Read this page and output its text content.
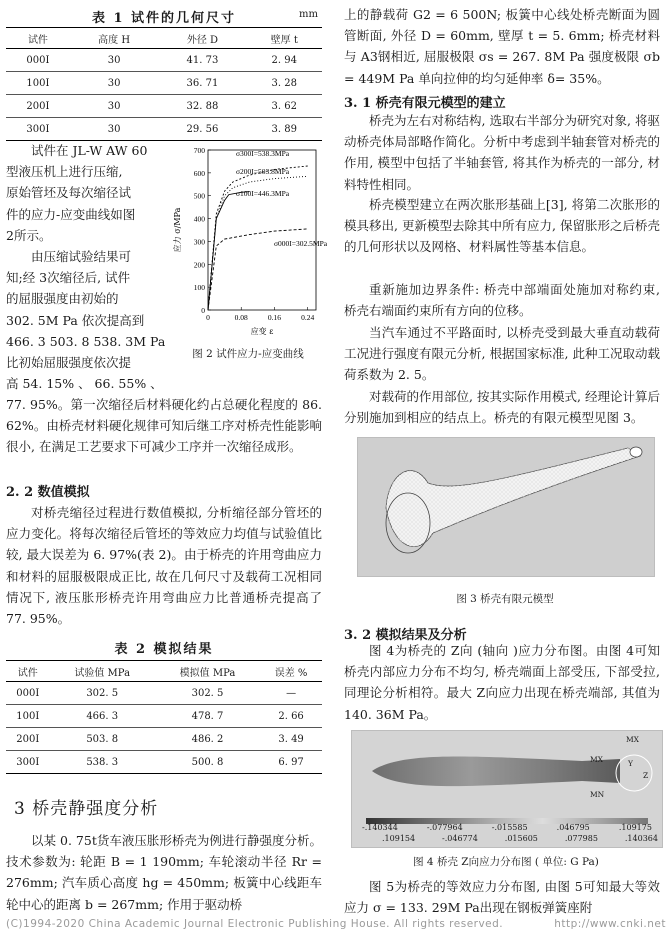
表 1 试件的几何尺寸	mm
试件	高度 H	外径 D	壁厚 t
000I	30	41. 73	2. 94
100I	30	36. 71	3. 28
200I	30	32. 88	3. 62
300I	30	29. 56	3. 89
试件在 JL-W AW 60
型液压机上进行压缩,
原始管坯及每次缩径试
件的应力-应变曲线如图
2所示。
由压缩试验结果可
知;经 3次缩径后, 试件
的屈服强度由初始的
302. 5M Pa 依次提高到
466. 3 503. 8 538. 3M Pa
比初始屈服强度依次提
高 54. 15% 、 66. 55% 、
0
100
200
300
400
500
600
700
0	0.08	0.16	0.24
应变 ε
应力 σ/MPa
σ300I=538.3MPa
σ200I=503.8MPa
σ100I=446.3MPa
σ000I=302.5MPa
图 2 试件应力-应变曲线
77. 95%。第一次缩径后材料硬化约占总硬化程度的 86. 62%。由桥壳材料硬化规律可知后继工序对桥壳性能影响很小, 在满足工艺要求下可减少工序并一次缩径成形。
2. 2 数值模拟
对桥壳缩径过程进行数值模拟, 分析缩径部分管坯的应力变化。将每次缩径后管坯的等效应力均值与试验值比较, 最大误差为 6. 97%(表 2)。由于桥壳的许用弯曲应力和材料的屈服极限成正比, 故在几何尺寸及载荷工况相同情况下, 液压胀形桥壳许用弯曲应力比普通桥壳提高了 77. 95%。
表 2 模拟结果
试件	试验值 MPa	模拟值 MPa	误差 %
000I	302. 5	302. 5	—
100I	466. 3	478. 7	2. 66
200I	503. 8	486. 2	3. 49
300I	538. 3	500. 8	6. 97
3 桥壳静强度分析
以某 0. 75t货车液压胀形桥壳为例进行静强度分析。技术参数为: 轮距 B = 1 190mm; 车轮滚动半径 Rr = 276mm; 汽车质心高度 hg = 450mm; 板簧中心线距车轮中心的距离 b = 267mm; 作用于驱动桥
上的静载荷 G2 = 6 500N; 板簧中心线处桥壳断面为圆管断面, 外径 D = 60mm, 壁厚 t = 5. 6mm; 桥壳材料与 A3钢相近, 屈服极限 σs = 267. 8M Pa 强度极限 σb = 449M Pa 单向拉伸的均匀延伸率 δ= 35%。
3. 1 桥壳有限元模型的建立
桥壳为左右对称结构, 选取右半部分为研究对象, 将驱动桥壳体局部略作简化。分析中考虑到半轴套管对桥壳的作用, 模型中包括了半轴套管, 将其作为桥壳的一部分, 材料特性相同。
桥壳模型建立在两次胀形基础上[3], 将第二次胀形的模具移出, 更新模型去除其中所有应力, 保留胀形之后桥壳的几何形状以及网格、材料属性等基本信息。
重新施加边界条件: 桥壳中部端面处施加对称约束, 桥壳右端面约束所有方向的位移。
当汽车通过不平路面时, 以桥壳受到最大垂直动载荷工况进行强度有限元分析, 根据国家标准, 此种工况取动载荷系数为 2. 5。
对载荷的作用部位, 按其实际作用模式, 经理论计算后分别施加到相应的结点上。桥壳的有限元模型见图 3。
图 3 桥壳有限元模型
3. 2 模拟结果及分析
图 4为桥壳的 Z向 (轴向 )应力分布图。由图 4可知桥壳内部应力分布不均匀, 桥壳端面上部受压, 下部受拉, 同理论分析相符。最大 Z向应力出现在桥壳端部, 其值为 140. 36M Pa。
MX
MN
MX
Y
Z
-.140344	-.077964	-.015585	.046795	.109175
.109154	-.046774	.015605	.077985	.140364
图 4 桥壳 Z向应力分布图 ( 单位: G Pa)
图 5为桥壳的等效应力分布图, 由图 5可知最大等效应力 σ = 133. 29M Pa出现在钢板弹簧座附
(C)1994-2020 China Academic Journal Electronic Publishing House. All rights reserved.	http://www.cnki.net
